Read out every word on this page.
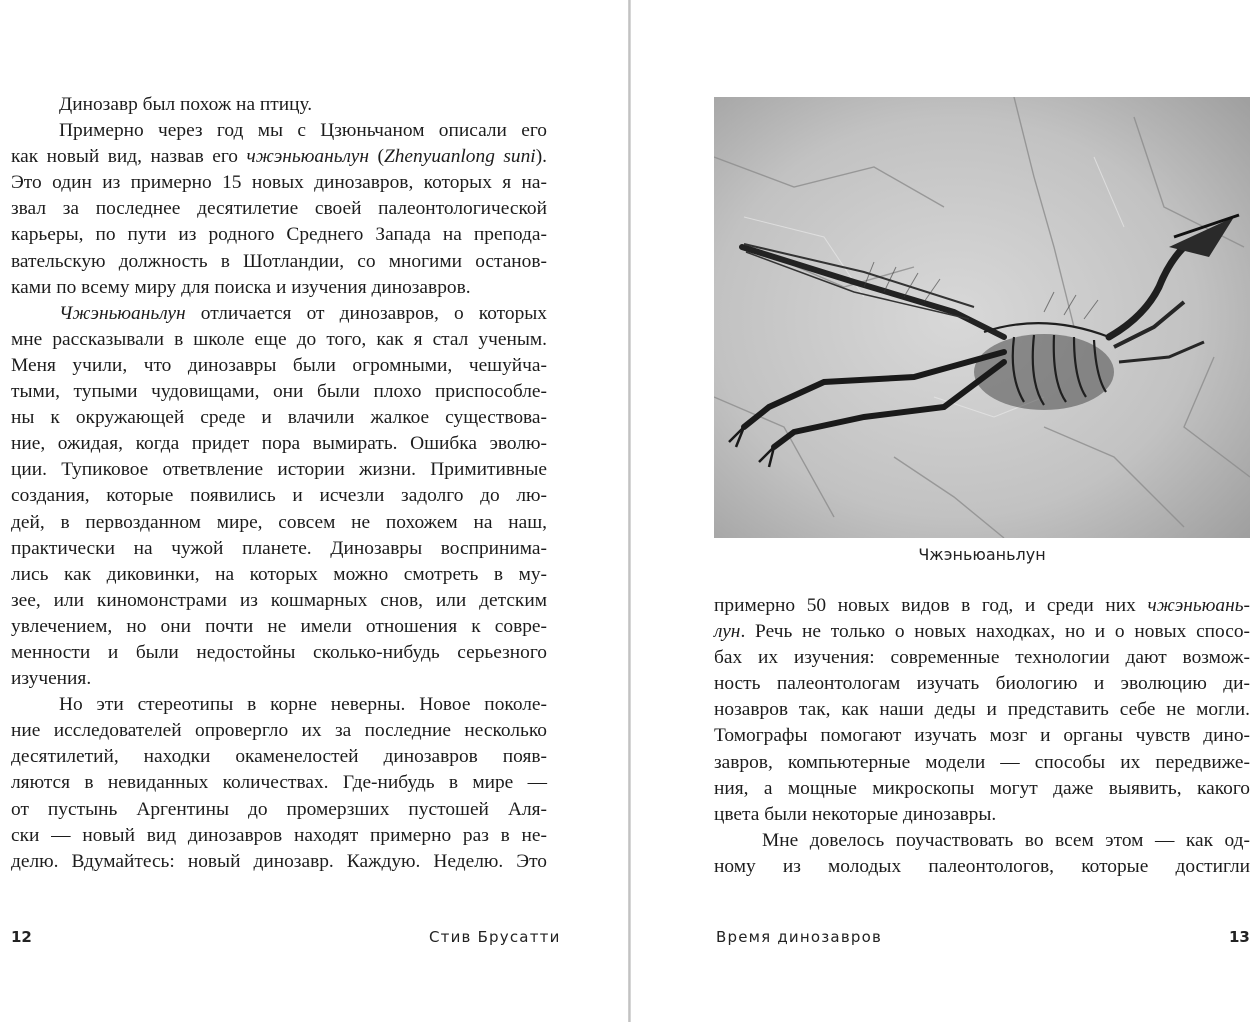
Динозавр был похож на птицу.
Примерно через год мы с Цзюньчаном описали его
как новый вид, назвав его чжэньюаньлун (Zhenyuanlong suni).
Это один из примерно 15 новых динозавров, которых я на-
звал за последнее десятилетие своей палеонтологической
карьеры, по пути из родного Среднего Запада на препода-
вательскую должность в Шотландии, со многими останов-
ками по всему миру для поиска и изучения динозавров.
Чжэньюаньлун отличается от динозавров, о которых
мне рассказывали в школе еще до того, как я стал ученым.
Меня учили, что динозавры были огромными, чешуйча-
тыми, тупыми чудовищами, они были плохо приспособле-
ны к окружающей среде и влачили жалкое существова-
ние, ожидая, когда придет пора вымирать. Ошибка эволю-
ции. Тупиковое ответвление истории жизни. Примитивные
создания, которые появились и исчезли задолго до лю-
дей, в первозданном мире, совсем не похожем на наш,
практически на чужой планете. Динозавры воспринима-
лись как диковинки, на которых можно смотреть в му-
зее, или киномонстрами из кошмарных снов, или детским
увлечением, но они почти не имели отношения к совре-
менности и были недостойны сколько-нибудь серьезного
изучения.
Но эти стереотипы в корне неверны. Новое поколе-
ние исследователей опровергло их за последние несколько
десятилетий, находки окаменелостей динозавров появ-
ляются в невиданных количествах. Где-нибудь в мире —
от пустынь Аргентины до промерзших пустошей Аля-
ски — новый вид динозавров находят примерно раз в не-
делю. Вдумайтесь: новый динозавр. Каждую. Неделю. Это
Чжэньюаньлун
примерно 50 новых видов в год, и среди них чжэньюань-
лун. Речь не только о новых находках, но и о новых спосо-
бах их изучения: современные технологии дают возмож-
ность палеонтологам изучать биологию и эволюцию ди-
нозавров так, как наши деды и представить себе не могли.
Томографы помогают изучать мозг и органы чувств дино-
завров, компьютерные модели — способы их передвиже-
ния, а мощные микроскопы могут даже выявить, какого
цвета были некоторые динозавры.
Мне довелось поучаствовать во всем этом — как од-
ному из молодых палеонтологов, которые достигли
12	Стив Брусатти	Время динозавров	13
